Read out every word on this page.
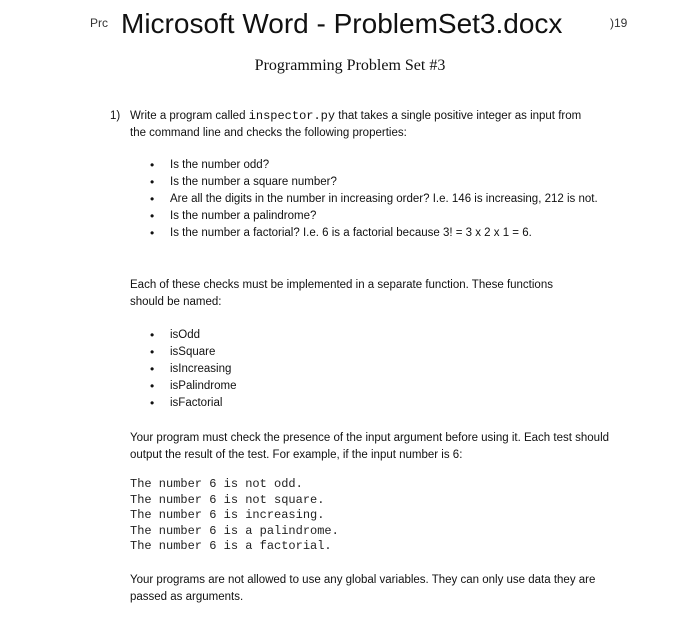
Prc Microsoft Word - ProblemSet3.docx	)19
Programming Problem Set #3
1) Write a program called inspector.py that takes a single positive integer as input from the command line and checks the following properties:
• Is the number odd?
• Is the number a square number?
• Are all the digits in the number in increasing order? I.e. 146 is increasing, 212 is not.
• Is the number a palindrome?
• Is the number a factorial? I.e. 6 is a factorial because 3! = 3 x 2 x 1 = 6.
Each of these checks must be implemented in a separate function. These functions should be named:
• isOdd
• isSquare
• isIncreasing
• isPalindrome
• isFactorial
Your program must check the presence of the input argument before using it. Each test should output the result of the test. For example, if the input number is 6:
The number 6 is not odd.
The number 6 is not square.
The number 6 is increasing.
The number 6 is a palindrome.
The number 6 is a factorial.
Your programs are not allowed to use any global variables. They can only use data they are passed as arguments.
